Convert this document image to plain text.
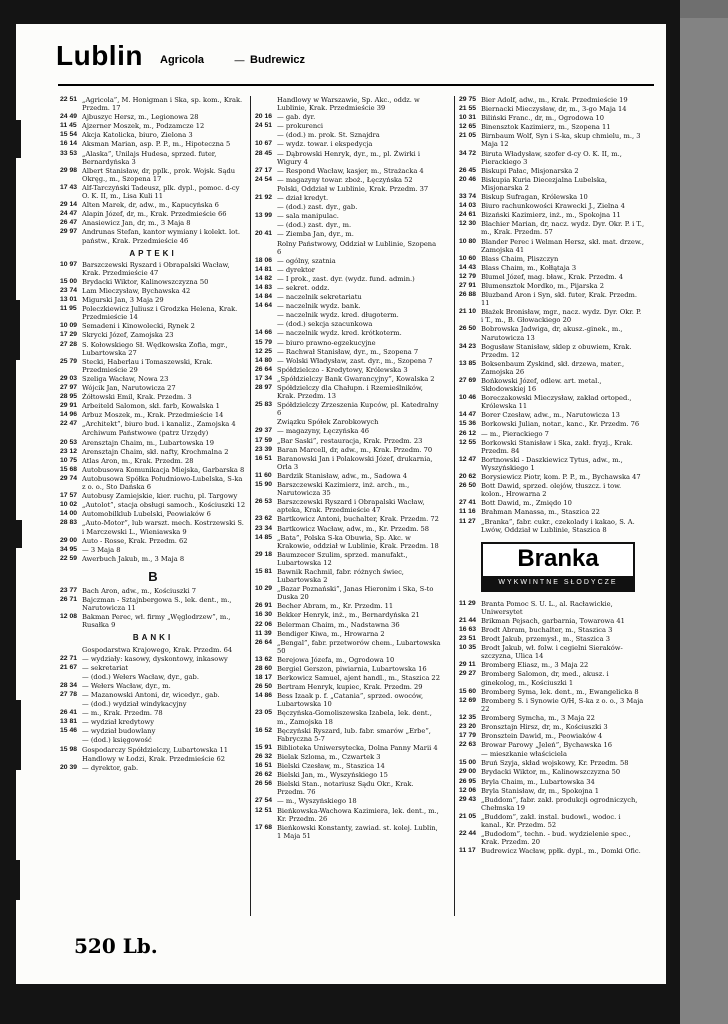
Lublin Agricola	— Budrewicz
22 51 „Agricola”, M. Honigman i Ska, sp. kom., Krak. Przedm. 17
24 49 Ajbuszyc Hersz, m., Legionowa 28
11 45 Ajzerner Moszek, m., Podzamcze 12
15 54 Akcja Katolicka, biuro, Zielona 3
16 14 Aksman Marian, asp. P. P., m., Hipoteczna 5
33 53 „Alaska”, Unilajs Hudesa, sprzed. futer, Bernardyńska 3
29 98 Albert Stanisław, dr, pplk., prok. Wojsk. Sądu Okręg., m., Szopena 17
17 43 Alf-Tarczyński Tadeusz, plk. dypl., pomoc. d-cy O. K. II, m., Lisa Kuli 11
29 14 Alten Marek, dr, adw., m., Kapucyńska 6
24 47 Alapin Józef, dr, m., Krak. Przedmieście 66
26 47 Anasiewicz Jan, dr, m., 3 Maja 8
29 97 Andrunas Stefan, kantor wymiany i kolekt. lot. państw., Krak. Przedmieście 46
APTEKI
10 97 Barszczewski Ryszard i Obrapalski Wacław, Krak. Przedmieście 47
15 00 Brydacki Wiktor, Kalinowszczyzna 50
23 74 Lam Mieczysław, Bychawska 42
13 01 Migurski Jan, 3 Maja 29
11 95 Poleczkiewicz Juliusz i Grodzka Helena, Krak. Przedmieście 14
10 09 Semadeni i Kinowolecki, Rynek 2
17 29 Skrycki Józef, Zamojska 23
27 28 S. Kołowskiego Sł. Wędkowska Zofia, mgr., Lubartowska 27
25 79 Stecki, Haberlau i Tomaszewski, Krak. Przedmieście 29
29 03 Szeliga Wacław, Nowa 23
27 97 Wójcik Jan, Narutowicza 27
28 95 Żółtowski Emil, Krak. Przedm. 3
29 91 Arbeiteld Salomon, skł. farb, Kowalska 1
14 96 Arbuz Moszek, m., Krak. Przedmieście 14
22 47 „Architekt”, biuro bud. i kanaliz., Zamojska 4
Archiwum Państwowe (patrz Urzędy)
20 53 Arensztajn Chaim, m., Lubartowska 19
23 12 Arensztajn Chaim, skł. nafty, Krochmalna 2
10 75 Atlas Aron, m., Krak. Przedm. 28
15 68 Autobusowa Komunikacja Miejska, Garbarska 8
29 74 Autobusowa Spółka Południowo-Lubelska, S-ka z o. o., Sto Dańska 6
17 57 Autobusy Zamiejskie, kier. ruchu, pl. Targowy
10 02 „Autolot”, stacja obsługi samoch., Kościuszki 12
14 00 Automobilklub Lubelski, Peowiaków 6
28 83 „Auto-Motor”, lub warszt. mech. Kostrzewski S. i Marczewski L., Wieniawska 9
29 00 Auto - Rosse, Krak. Przedm. 62
34 95 — 3 Maja 8
22 59 Awerbuch Jakub, m., 3 Maja 8
B
23 77 Bach Aron, adw., m., Kościuszki 7
26 71 Bajczman - Sztajnbergowa S., lek. dent., m., Narutowicza 11
12 08 Bakman Perec, wł. firmy „Węglodrzew”, m., Rusałka 9
BANKI
Gospodarstwa Krajowego, Krak. Przedm. 64
22 71 — wydziały: kasowy, dyskontowy, inkasowy
21 67 — sekretariat
— (dod.) Wełers Wacław, dyr., gab.
28 34 — Wełers Wacław, dyr., m.
27 78 — Mazanowski Antoni, dr, wicedyr., gab.
— (dod.) wydział windykacyjny
26 41 — m., Krak. Przedm. 78
13 81 — wydział kredytowy
15 46 — wydział budowlany
— (dod.) księgowość
15 98 Gospodarczy Spółdzielczy, Lubartowska 11
Handlowy w Łodzi, Krak. Przedmieście 62
20 39 — dyrektor, gab.
Handlowy w Warszawie, Sp. Akc., oddz. w Lublinie, Krak. Przedmieście 39
20 16 — gab. dyr.
24 51 — prokurenci
— (dod.) m. prok. St. Sznajdra
10 67 — wydz. towar. i ekspedycja
28 45 — Dąbrowski Henryk, dyr., m., pl. Żwirki i Wigury 4
27 17 — Respond Wacław, kasjer, m., Strażacka 4
24 54 — magazyny towar. zboż., Łęczyńska 52
Polski, Oddział w Lublinie, Krak. Przedm. 37
21 92 — dział kredyt.
— (dod.) zast. dyr., gab.
13 99 — sala manipulac.
— (dod.) zast. dyr., m.
20 41 — Ziemba Jan, dyr., m.
Rolny Państwowy, Oddział w Lublinie, Szopena 6
18 06 — ogólny, szatnia
14 81 — dyrektor
14 82 — I prok., zast. dyr. (wydz. fund. admin.)
14 83 — sekret. oddz.
14 84 — naczelnik sekretariatu
14 64 — naczelnik wydz. bank.
— naczelnik wydz. kred. długoterm.
— (dod.) sekcja szacunkowa
14 66 — naczelnik wydz. kred. krótkoterm.
15 79 — biuro prawno-egzekucyjne
12 25 — Rachwał Stanisław, dyr., m., Szopena 7
14 80 — Wolski Władysław, zast. dyr., m., Szopena 7
26 64 Spółdzielczo - Kredytowy, Królewska 3
17 34 „Spółdzielczy Bank Gwarancyjny”, Kowalska 2
28 97 Spółdzielczy dla Chałupn. i Rzemieślników, Krak. Przedm. 13
25 83 Spółdzielczy Zrzeszenia Kupców, pl. Katedralny 6
Związku Spółek Zarobkowych
29 37 — magazyny, Łęczyńska 46
17 59 „Bar Saski”, restauracja, Krak. Przedm. 23
23 39 Baran Marcell, dr, adw., m., Krak. Przedm. 70
16 51 Baranowski Jan i Polakowski Józef, drukarnia, Orla 3
11 60 Bardzik Stanisław, adw., m., Sadowa 4
15 90 Barszczewski Kazimierz, inż. arch., m., Narutowicza 35
26 53 Barszczewski Ryszard i Obrapalski Wacław, apteka, Krak. Przedmieście 47
23 62 Bartkowicz Antoni, buchalter, Krak. Przedm. 72
23 34 Bartkowicz Wacław, adw., m., Kr. Przedm. 58
14 85 „Bata”, Polska S-ka Obuwia, Sp. Akc. w Krakowie, oddział w Lublinie, Krak. Przedm. 18
29 18 Baumzecer Szulim, sprzed. manufakt., Lubartowska 12
15 81 Bawnik Rachmil, fabr. różnych świec, Lubartowska 2
10 29 „Bazar Poznański”, Janas Hieronim i Ska, S-to Duska 20
26 91 Becher Abram, m., Kr. Przedm. 11
16 30 Bekker Henryk, inż., m., Bernardyńska 21
22 06 Belerman Chaim, m., Nadstawna 36
11 39 Bendiger Kiwa, m., Hrowarna 2
26 64 „Bengal”, fabr. przetworów chem., Lubartowska 50
13 62 Berejowa Józefa, m., Ogrodowa 10
28 60 Bergiel Gerszon, piwiarnia, Lubartowska 16
18 17 Berkowicz Samuel, ajent handl., m., Staszica 22
26 50 Bertram Henryk, kupiec, Krak. Przedm. 29
14 86 Bess Izaak p. f. „Catania”, sprzed. owoców, Lubartowska 10
23 05 Bęczyńska-Gomoliszewska Izabela, lek. dent., m., Zamojska 18
16 52 Bęczyński Ryszard, lub. fabr. smarów „Erbe”, Fabryczna 5-7
15 91 Biblioteka Uniwersytecka, Dolna Panny Marii 4
26 32 Bielak Szloma, m., Czwartek 3
16 51 Bielski Czesław, m., Staszica 14
26 62 Bielski Jan, m., Wyszyńskiego 15
26 56 Bielski Stan., notariusz Sądu Okr., Krak. Przedm. 76
27 54 — m., Wyszyńskiego 18
12 51 Bieńkowska-Wachowa Kazimiera, lek. dent., m., Kr. Przedm. 26
17 68 Bieńkowski Konstanty, zawiad. st. kolej. Lublin, 1 Maja 51
29 75 Bier Adolf, adw., m., Krak. Przedmieście 19
21 55 Biernacki Mieczysław, dr, m., 3-go Maja 14
10 31 Biliński Franc., dr, m., Ogrodowa 10
12 65 Binensztok Kazimierz, m., Szopena 11
21 05 Birnbaum Wolf, Syn i S-ka, skup chmielu, m., 3 Maja 12
34 72 Biruta Władysław, szofer d-cy O. K. II, m., Pierackiego 3
26 45 Biskupi Pałac, Misjonarska 2
20 46 Biskupia Kuria Diecezjalna Lubelska, Misjonarska 2
33 74 Biskup Sufragan, Królewska 10
14 03 Biuro rachunkowości Krawecki J., Zielna 4
24 61 Bizański Kazimierz, inż., m., Spokojna 11
12 30 Blachier Marian, dr, nacz. wydz. Dyr. Okr. P. i T., m., Krak. Przedm. 57
10 80 Blander Perec i Welman Hersz, skł. mat. drzew., Zamojska 41
10 60 Blass Chaim, Pliszczyn
14 43 Blass Chaim, m., Kołłątaja 3
12 79 Blumel Józef, mag. bław., Krak. Przedm. 4
27 91 Blumensztok Mordko, m., Pijarska 2
26 88 Bluzband Aron i Syn, skł. futer, Krak. Przedm. 11
21 10 Błażek Bronisław, mgr., nacz. wydz. Dyr. Okr. P. i T., m., B. Głowackiego 20
26 50 Bobrowska Jadwiga, dr, akusz.-ginek., m., Narutowicza 13
34 23 Bogusław Stanisław, sklep z obuwiem, Krak. Przedm. 12
13 85 Boksenbaum Zyskind, skł. drzewa, mater., Zamojska 26
27 69 Bońkowski Józef, odlew. art. metal., Skłodowskiej 16
10 46 Boreczakowski Mieczysław, zakład ortoped., Królewska 11
14 47 Borer Czesław, adw., m., Narutowicza 13
15 36 Borkowski Julian, notar., kanc., Kr. Przedm. 76
26 12 — m., Pierackiego 7
12 55 Borkowski Stanisław i Ska, zakł. fryzj., Krak. Przedm. 84
12 47 Bortnowski - Daszkiewicz Tytus, adw., m., Wyszyńskiego 1
20 62 Borysiewicz Piotr, kom. P. P., m., Bychawska 47
26 50 Bott Dawid, sprzed. olejów, tłuszcz. i tow. kolon., Hrowarna 2
27 41 Bott Dawid, m., Zmiędo 10
11 16 Brahman Manassa, m., Staszica 22
11 27 „Branka”, fabr. cukr., czekolady i kakao, S. A. Lwów, Oddział w Lublinie, Staszica 8
Branka
WYKWINTNE SŁODYCZE
11 29 Branta Pomoc S. U. L., al. Racławickie, Uniwersytet
21 44 Brikman Pejsach, garbarnia, Towarowa 41
16 63 Brodt Abram, buchalter, m., Staszica 3
23 51 Brodt Jakub, przemysł., m., Staszica 3
10 35 Brodt Jakub, wł. folw. i cegielni Sieraków-szczyzna, Ulica 14
29 11 Bromberg Eliasz, m., 3 Maja 22
29 27 Bromberg Salomon, dr, med., akusz. i ginekolog, m., Kościuszki 1
15 60 Bromberg Syma, lek. dent., m., Ewangelicka 8
12 69 Bromberg S. i Synowie O/H, S-ka z o. o., 3 Maja 22
12 35 Bromberg Symcha, m., 3 Maja 22
23 20 Bronsztajn Hirsz, dr, m., Kościuszki 3
17 79 Bronsztein Dawid, m., Peowiaków 4
22 63 Browar Parowy „Jeleń”, Bychawska 16
— mieszkanie właściciela
15 00 Bruń Szyja, skład wojskowy, Kr. Przedm. 58
29 00 Brydacki Wiktor, m., Kalinowszczyzna 50
26 95 Bryla Chaim, m., Lubartowska 34
12 06 Bryla Stanisław, dr, m., Spokojna 1
29 43 „Buddom”, fabr. zakł. produkcji ogrodniczych, Chełmska 19
21 05 „Buddom”, zakł. instal. budowl., wodoc. i kanal., Kr. Przedm. 52
22 44 „Budodom”, techn. - bud. wydzielenie spec., Krak. Przedm. 20
11 17 Budrewicz Wacław, ppłk. dypl., m., Domki Ofic.
520 Lb.
